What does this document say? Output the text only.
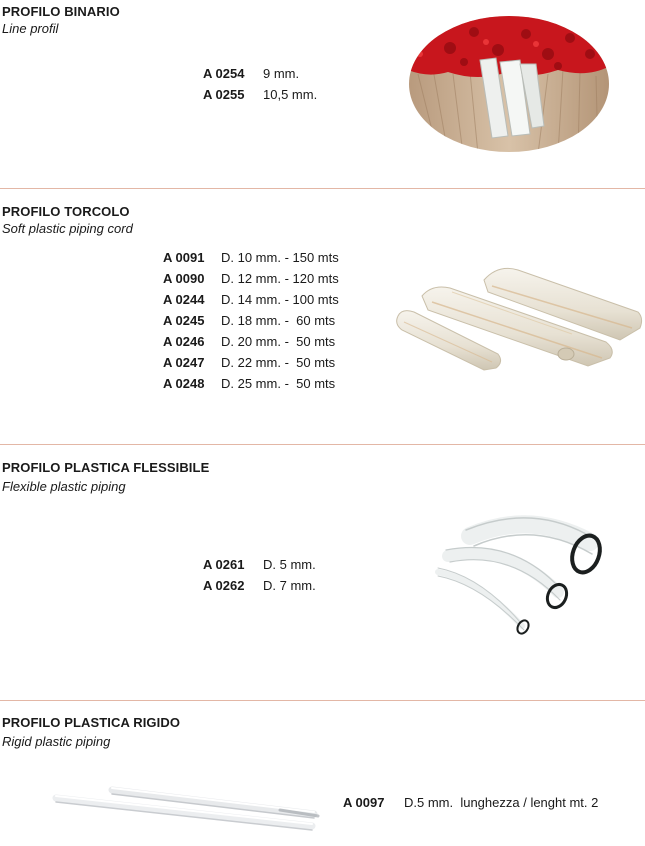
PROFILO BINARIO
Line profil
A 0254	9 mm.
A 0255	10,5 mm.
PROFILO TORCOLO
Soft plastic piping cord
A 0091	D. 10 mm. - 150 mts
A 0090	D. 12 mm. - 120 mts
A 0244	D. 14 mm. - 100 mts
A 0245	D. 18 mm. -  60 mts
A 0246	D. 20 mm. -  50 mts
A 0247	D. 22 mm. -  50 mts
A 0248	D. 25 mm. -  50 mts
PROFILO PLASTICA FLESSIBILE
Flexible plastic piping
A 0261	D. 5 mm.
A 0262	D. 7 mm.
PROFILO PLASTICA RIGIDO
Rigid plastic piping
A 0097	D.5 mm.  lunghezza / lenght mt. 2
